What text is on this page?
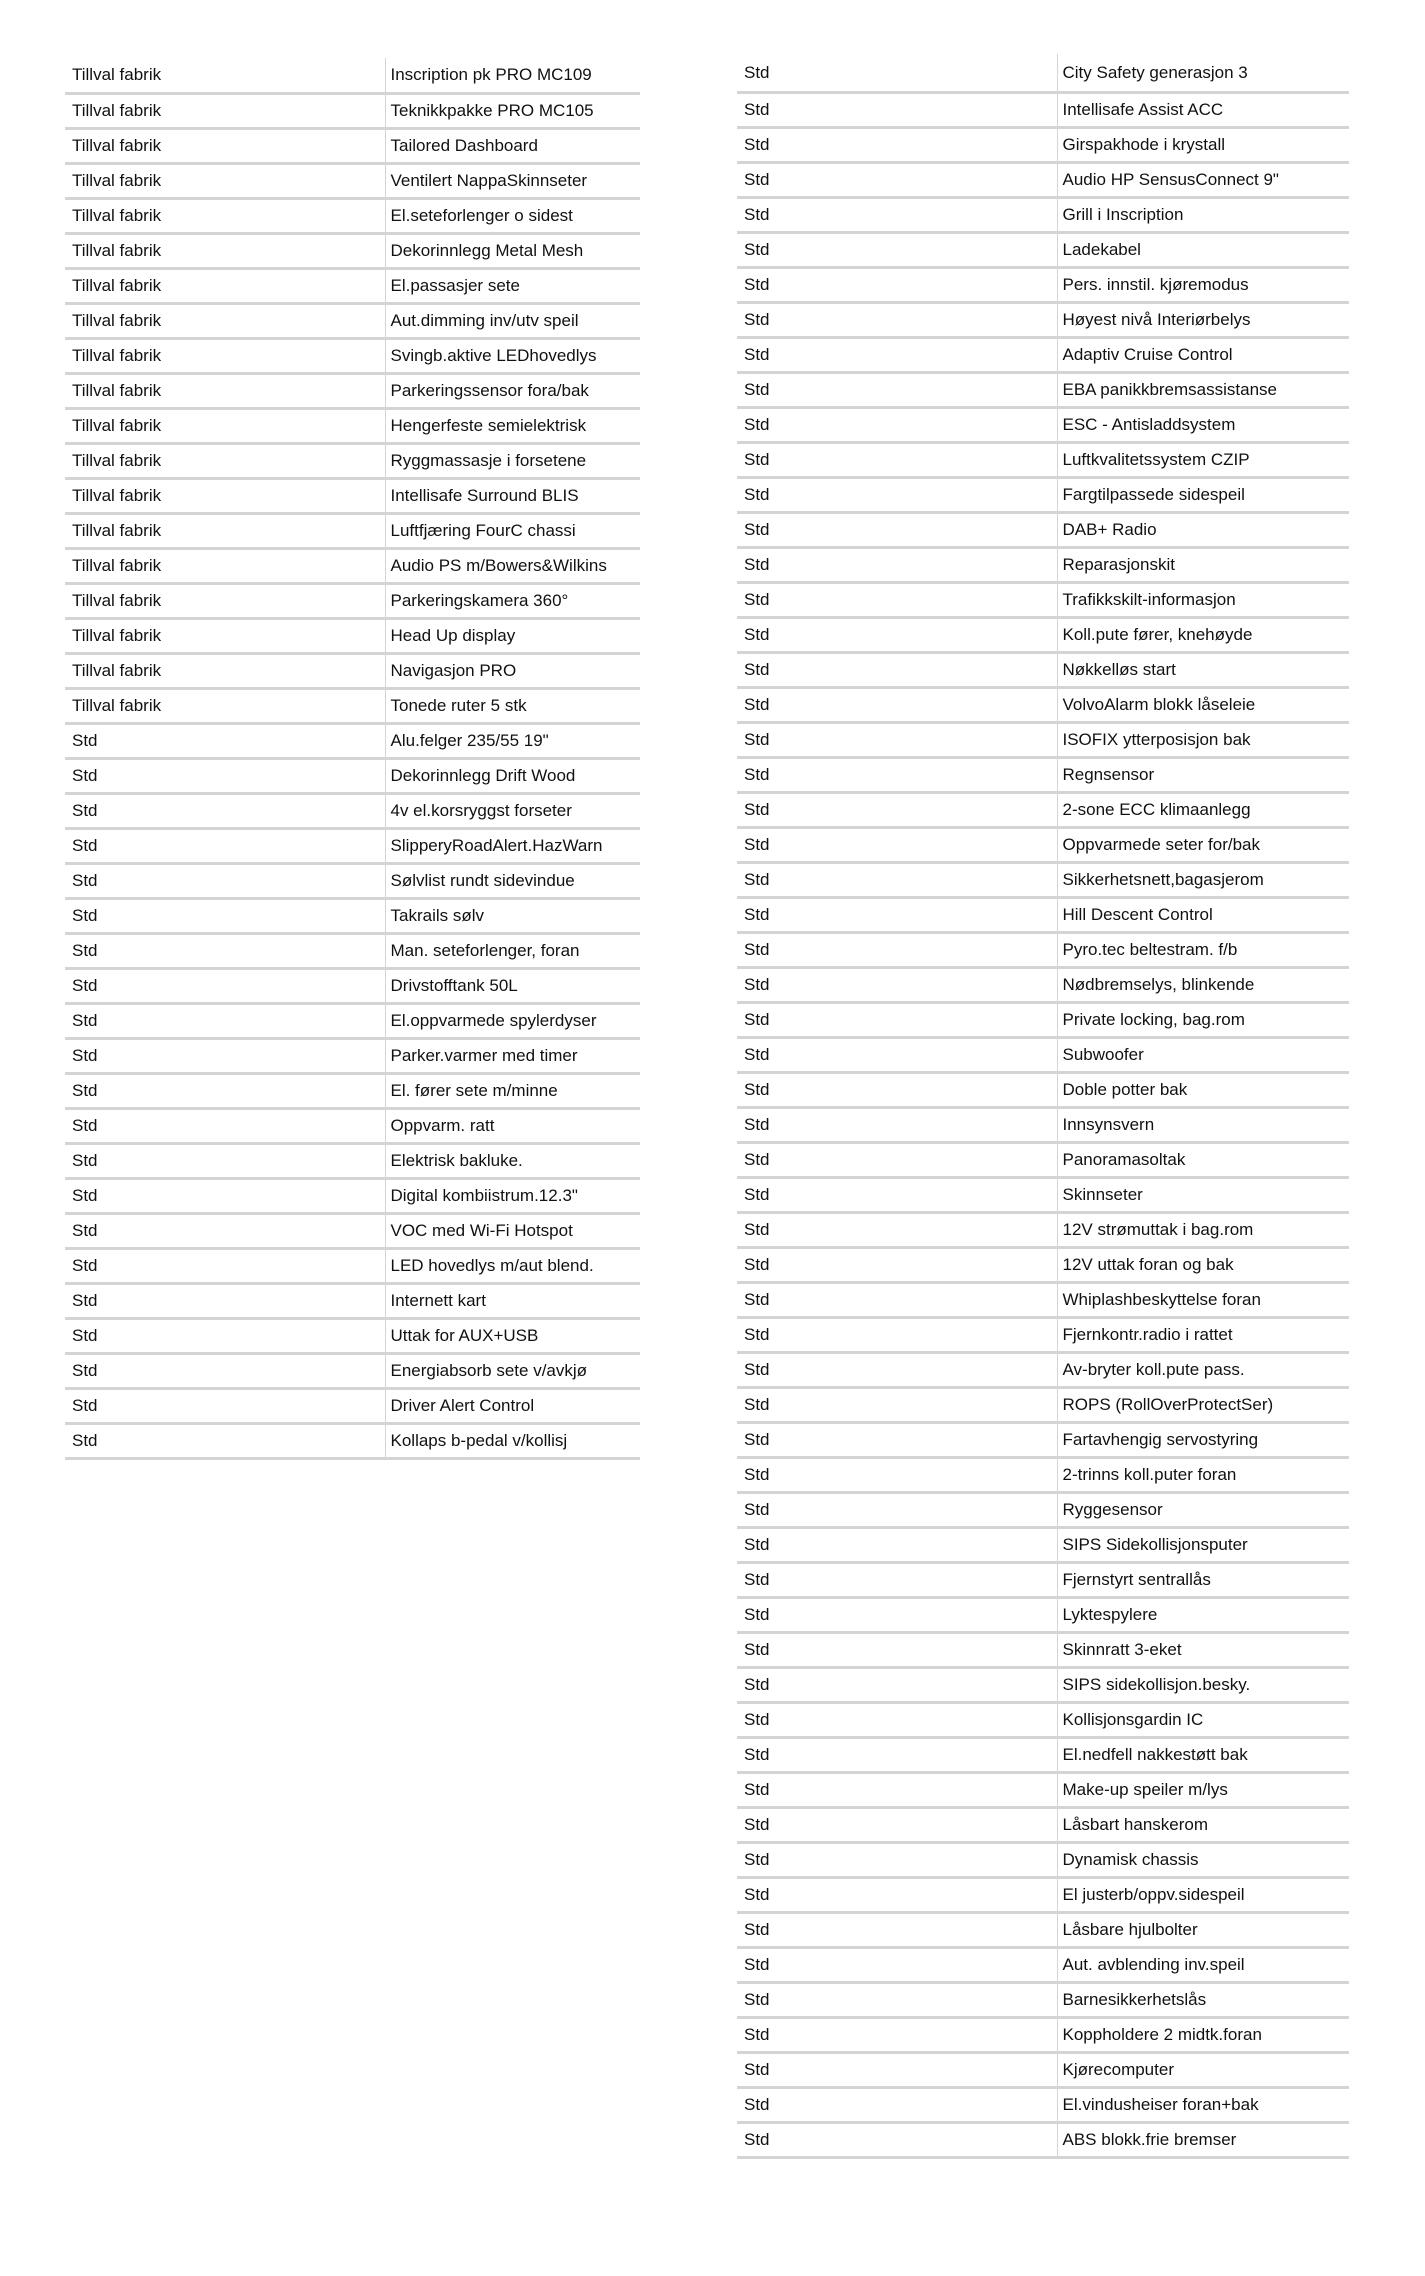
Tillval fabrik	Inscription pk PRO MC109
Tillval fabrik	Teknikkpakke PRO MC105
Tillval fabrik	Tailored Dashboard
Tillval fabrik	Ventilert NappaSkinnseter
Tillval fabrik	El.seteforlenger o sidest
Tillval fabrik	Dekorinnlegg Metal Mesh
Tillval fabrik	El.passasjer sete
Tillval fabrik	Aut.dimming inv/utv speil
Tillval fabrik	Svingb.aktive LEDhovedlys
Tillval fabrik	Parkeringssensor fora/bak
Tillval fabrik	Hengerfeste semielektrisk
Tillval fabrik	Ryggmassasje i forsetene
Tillval fabrik	Intellisafe Surround BLIS
Tillval fabrik	Luftfjæring FourC chassi
Tillval fabrik	Audio PS m/Bowers&Wilkins
Tillval fabrik	Parkeringskamera 360°
Tillval fabrik	Head Up display
Tillval fabrik	Navigasjon PRO
Tillval fabrik	Tonede ruter 5 stk
Std	Alu.felger 235/55 19"
Std	Dekorinnlegg Drift Wood
Std	4v el.korsryggst forseter
Std	SlipperyRoadAlert.HazWarn
Std	Sølvlist rundt sidevindue
Std	Takrails sølv
Std	Man. seteforlenger, foran
Std	Drivstofftank 50L
Std	El.oppvarmede spylerdyser
Std	Parker.varmer med timer
Std	El. fører sete m/minne
Std	Oppvarm. ratt
Std	Elektrisk bakluke.
Std	Digital kombiistrum.12.3"
Std	VOC med Wi-Fi Hotspot
Std	LED hovedlys m/aut blend.
Std	Internett kart
Std	Uttak for AUX+USB
Std	Energiabsorb sete v/avkjø
Std	Driver Alert Control
Std	Kollaps b-pedal v/kollisj
Std	City Safety generasjon 3
Std	Intellisafe Assist ACC
Std	Girspakhode i krystall
Std	Audio HP SensusConnect 9"
Std	Grill i Inscription
Std	Ladekabel
Std	Pers. innstil. kjøremodus
Std	Høyest nivå Interiørbelys
Std	Adaptiv Cruise Control
Std	EBA panikkbremsassistanse
Std	ESC - Antisladdsystem
Std	Luftkvalitetssystem CZIP
Std	Fargtilpassede sidespeil
Std	DAB+ Radio
Std	Reparasjonskit
Std	Trafikkskilt-informasjon
Std	Koll.pute fører, knehøyde
Std	Nøkkelløs start
Std	VolvoAlarm blokk låseleie
Std	ISOFIX ytterposisjon bak
Std	Regnsensor
Std	2-sone ECC klimaanlegg
Std	Oppvarmede seter for/bak
Std	Sikkerhetsnett,bagasjerom
Std	Hill Descent Control
Std	Pyro.tec beltestram. f/b
Std	Nødbremselys, blinkende
Std	Private locking, bag.rom
Std	Subwoofer
Std	Doble potter bak
Std	Innsynsvern
Std	Panoramasoltak
Std	Skinnseter
Std	12V strømuttak i bag.rom
Std	12V uttak foran og bak
Std	Whiplashbeskyttelse foran
Std	Fjernkontr.radio i rattet
Std	Av-bryter koll.pute pass.
Std	ROPS (RollOverProtectSer)
Std	Fartavhengig servostyring
Std	2-trinns koll.puter foran
Std	Ryggesensor
Std	SIPS Sidekollisjonsputer
Std	Fjernstyrt sentrallås
Std	Lyktespylere
Std	Skinnratt 3-eket
Std	SIPS sidekollisjon.besky.
Std	Kollisjonsgardin IC
Std	El.nedfell nakkestøtt bak
Std	Make-up speiler m/lys
Std	Låsbart hanskerom
Std	Dynamisk chassis
Std	El justerb/oppv.sidespeil
Std	Låsbare hjulbolter
Std	Aut. avblending inv.speil
Std	Barnesikkerhetslås
Std	Koppholdere 2 midtk.foran
Std	Kjørecomputer
Std	El.vindusheiser foran+bak
Std	ABS blokk.frie bremser
